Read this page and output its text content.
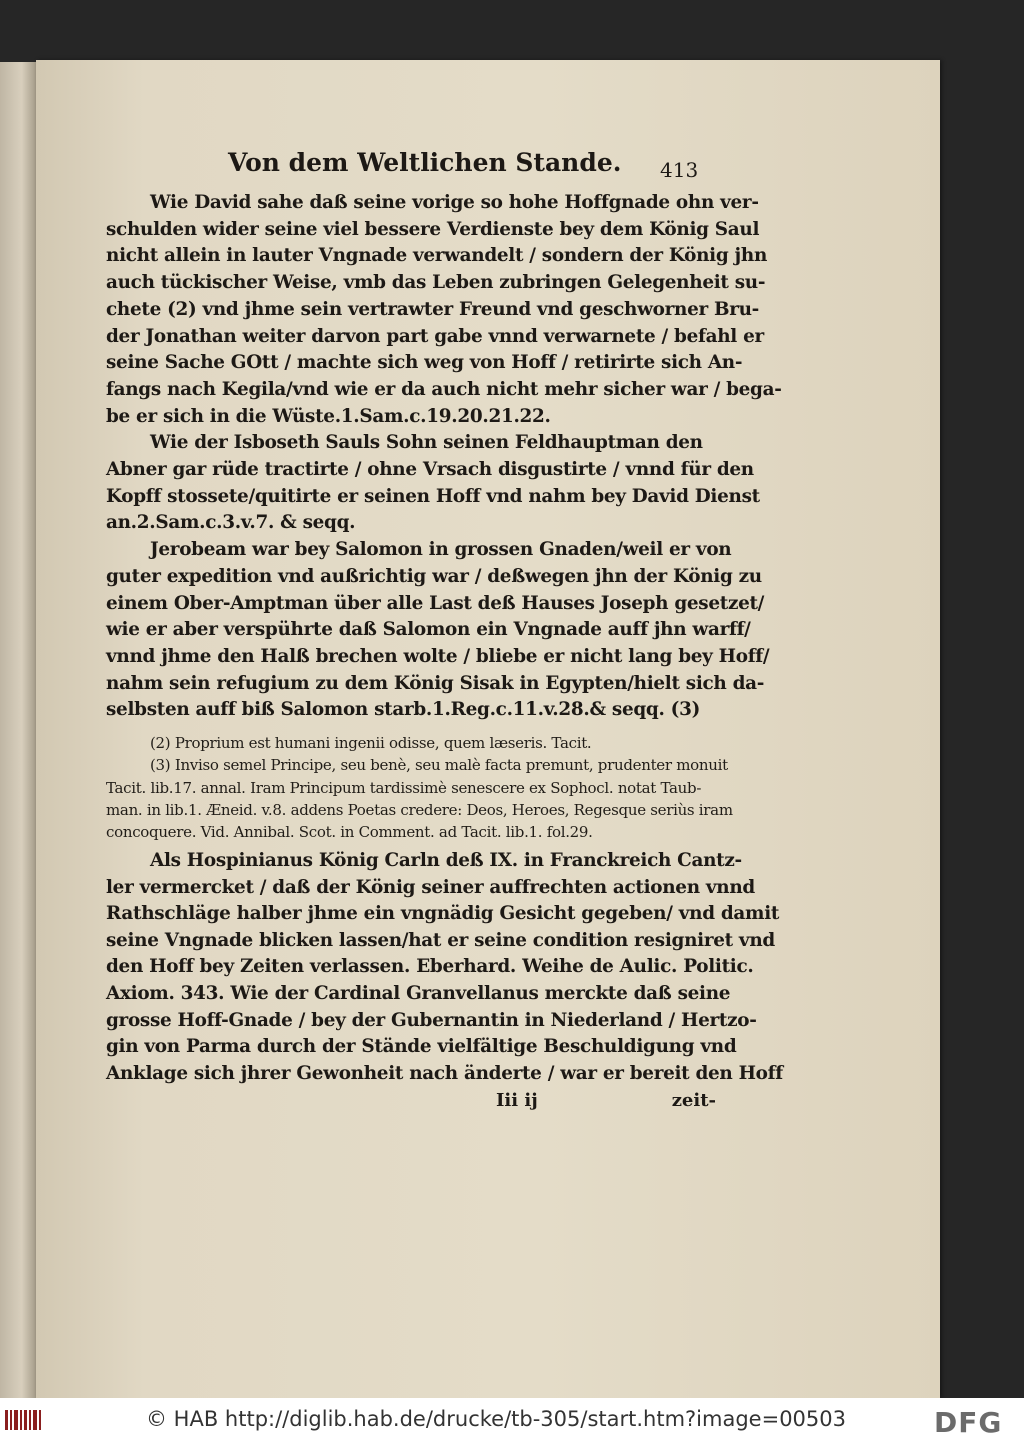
Von dem Weltlichen Stande.	413
Wie David sahe daß seine vorige so hohe Hoffgnade ohn ver-
schulden wider seine viel bessere Verdienste bey dem König Saul
nicht allein in lauter Vngnade verwandelt / sondern der König jhn
auch tückischer Weise, vmb das Leben zubringen Gelegenheit su-
chete (2) vnd jhme sein vertrawter Freund vnd geschworner Bru-
der Jonathan weiter darvon part gabe vnnd verwarnete / befahl er
seine Sache GOtt / machte sich weg von Hoff / retirirte sich An-
fangs nach Kegila/vnd wie er da auch nicht mehr sicher war / bega-
be er sich in die Wüste.1.Sam.c.19.20.21.22.
Wie der Isboseth Sauls Sohn seinen Feldhauptman den
Abner gar rüde tractirte / ohne Vrsach disgustirte / vnnd für den
Kopff stossete/quitirte er seinen Hoff vnd nahm bey David Dienst
an.2.Sam.c.3.v.7. & seqq.
Jerobeam war bey Salomon in grossen Gnaden/weil er von
guter expedition vnd außrichtig war / deßwegen jhn der König zu
einem Ober-Amptman über alle Last deß Hauses Joseph gesetzet/
wie er aber verspührte daß Salomon ein Vngnade auff jhn warff/
vnnd jhme den Halß brechen wolte / bliebe er nicht lang bey Hoff/
nahm sein refugium zu dem König Sisak in Egypten/hielt sich da-
selbsten auff biß Salomon starb.1.Reg.c.11.v.28.& seqq. (3)
(2) Proprium est humani ingenii odisse, quem læseris. Tacit.
(3) Inviso semel Principe, seu benè, seu malè facta premunt, prudenter monuit
Tacit. lib.17. annal. Iram Principum tardissimè senescere ex Sophocl. notat Taub-
man. in lib.1. Æneid. v.8. addens Poetas credere: Deos, Heroes, Regesque seriùs iram
concoquere. Vid. Annibal. Scot. in Comment. ad Tacit. lib.1. fol.29.
Als Hospinianus König Carln deß IX. in Franckreich Cantz-
ler vermercket / daß der König seiner auffrechten actionen vnnd
Rathschläge halber jhme ein vngnädig Gesicht gegeben/ vnd damit
seine Vngnade blicken lassen/hat er seine condition resigniret vnd
den Hoff bey Zeiten verlassen. Eberhard. Weihe de Aulic. Politic.
Axiom. 343. Wie der Cardinal Granvellanus merckte daß seine
grosse Hoff-Gnade / bey der Gubernantin in Niederland / Hertzo-
gin von Parma durch der Stände vielfältige Beschuldigung vnd
Anklage sich jhrer Gewonheit nach änderte / war er bereit den Hoff
Iii ij	zeit-
© HAB http://diglib.hab.de/drucke/tb-305/start.htm?image=00503	DFG
